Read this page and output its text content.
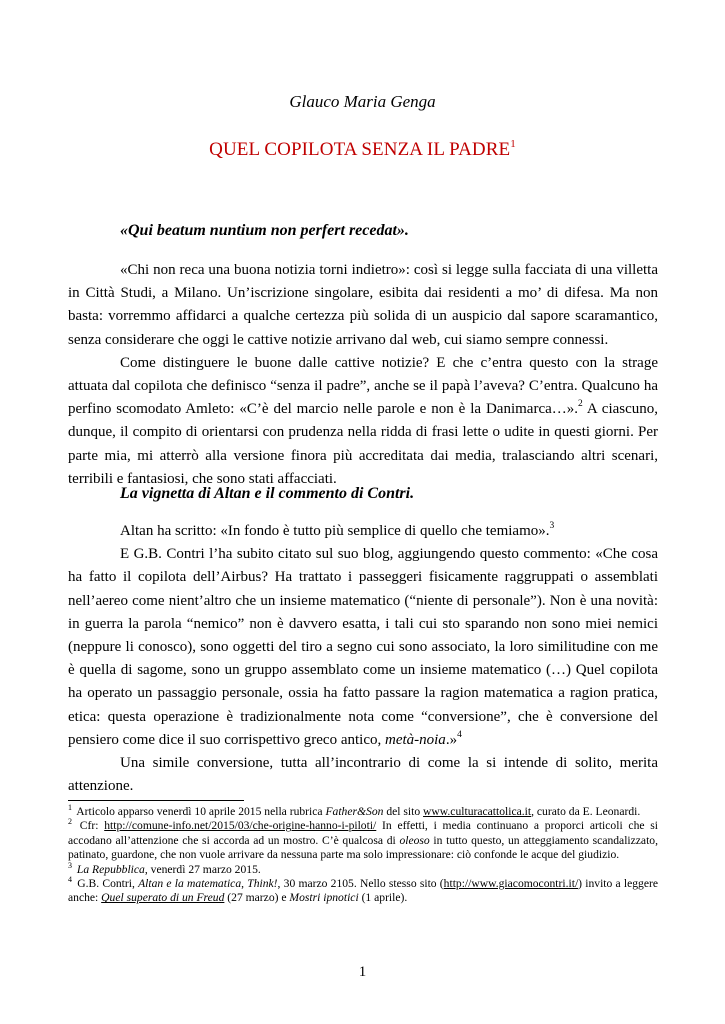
Glauco Maria Genga
QUEL COPILOTA SENZA IL PADRE$^1$
«Qui beatum nuntium non perfert recedat».

«Chi non reca una buona notizia torni indietro»: così si legge sulla facciata di una villetta in Città Studi, a Milano. Un’iscrizione singolare, esibita dai residenti a mo’ di difesa. Ma non basta: vorremmo affidarci a qualche certezza più solida di un auspicio dal sapore scaramantico, senza considerare che oggi le cattive notizie arrivano dal web, cui siamo sempre connessi.

Come distinguere le buone dalle cattive notizie? E che c’entra questo con la strage attuata dal copilota che definisco “senza il padre”, anche se il papà l’aveva? C’entra. Qualcuno ha perfino scomodato Amleto: «C’è del marcio nelle parole e non è la Danimarca…».$^2$ A ciascuno, dunque, il compito di orientarsi con prudenza nella ridda di frasi lette o udite in questi giorni. Per parte mia, mi atterrò alla versione finora più accreditata dai media, tralasciando altri scenari, terribili e fantasiosi, che sono stati affacciati.

La vignetta di Altan e il commento di Contri.

Altan ha scritto: «In fondo è tutto più semplice di quello che temiamo».$^3$

E G.B. Contri l’ha subito citato sul suo blog, aggiungendo questo commento: «Che cosa ha fatto il copilota dell’Airbus? Ha trattato i passeggeri fisicamente raggruppati o assemblati nell’aereo come nient’altro che un insieme matematico (“niente di personale”). Non è una novità: in guerra la parola “nemico” non è davvero esatta, i tali cui sto sparando non sono miei nemici (neppure li conosco), sono oggetti del tiro a segno cui sono associato, la loro similitudine con me è quella di sagome, sono un gruppo assemblato come un insieme matematico (…) Quel copilota ha operato un passaggio personale, ossia ha fatto passare la ragion matematica a ragion pratica, etica: questa operazione è tradizionalmente nota come “conversione”, che è conversione del pensiero come dice il suo corrispettivo greco antico, metà-noia.»$^4$

Una simile conversione, tutta all’incontrario di come la si intende di solito, merita attenzione.

$^1$ Articolo apparso venerdì 10 aprile 2015 nella rubrica Father&Son del sito www.culturacattolica.it, curato da E. Leonardi.

$^2$ Cfr: http://comune-info.net/2015/03/che-origine-hanno-i-piloti/ In effetti, i media continuano a proporci articoli che si accodano all’attenzione che si accorda ad un mostro. C’è qualcosa di oleoso in tutto questo, un atteggiamento scandalizzato, patinato, guardone, che non vuole arrivare da nessuna parte ma solo impressionare: ciò confonde le acque del giudizio.

$^3$ La Repubblica, venerdì 27 marzo 2015.

$^4$ G.B. Contri, Altan e la matematica, Think!, 30 marzo 2105. Nello stesso sito (http://www.giacomocontri.it/) invito a leggere anche: Quel superato di un Freud (27 marzo) e Mostri ipnotici (1 aprile).

1
